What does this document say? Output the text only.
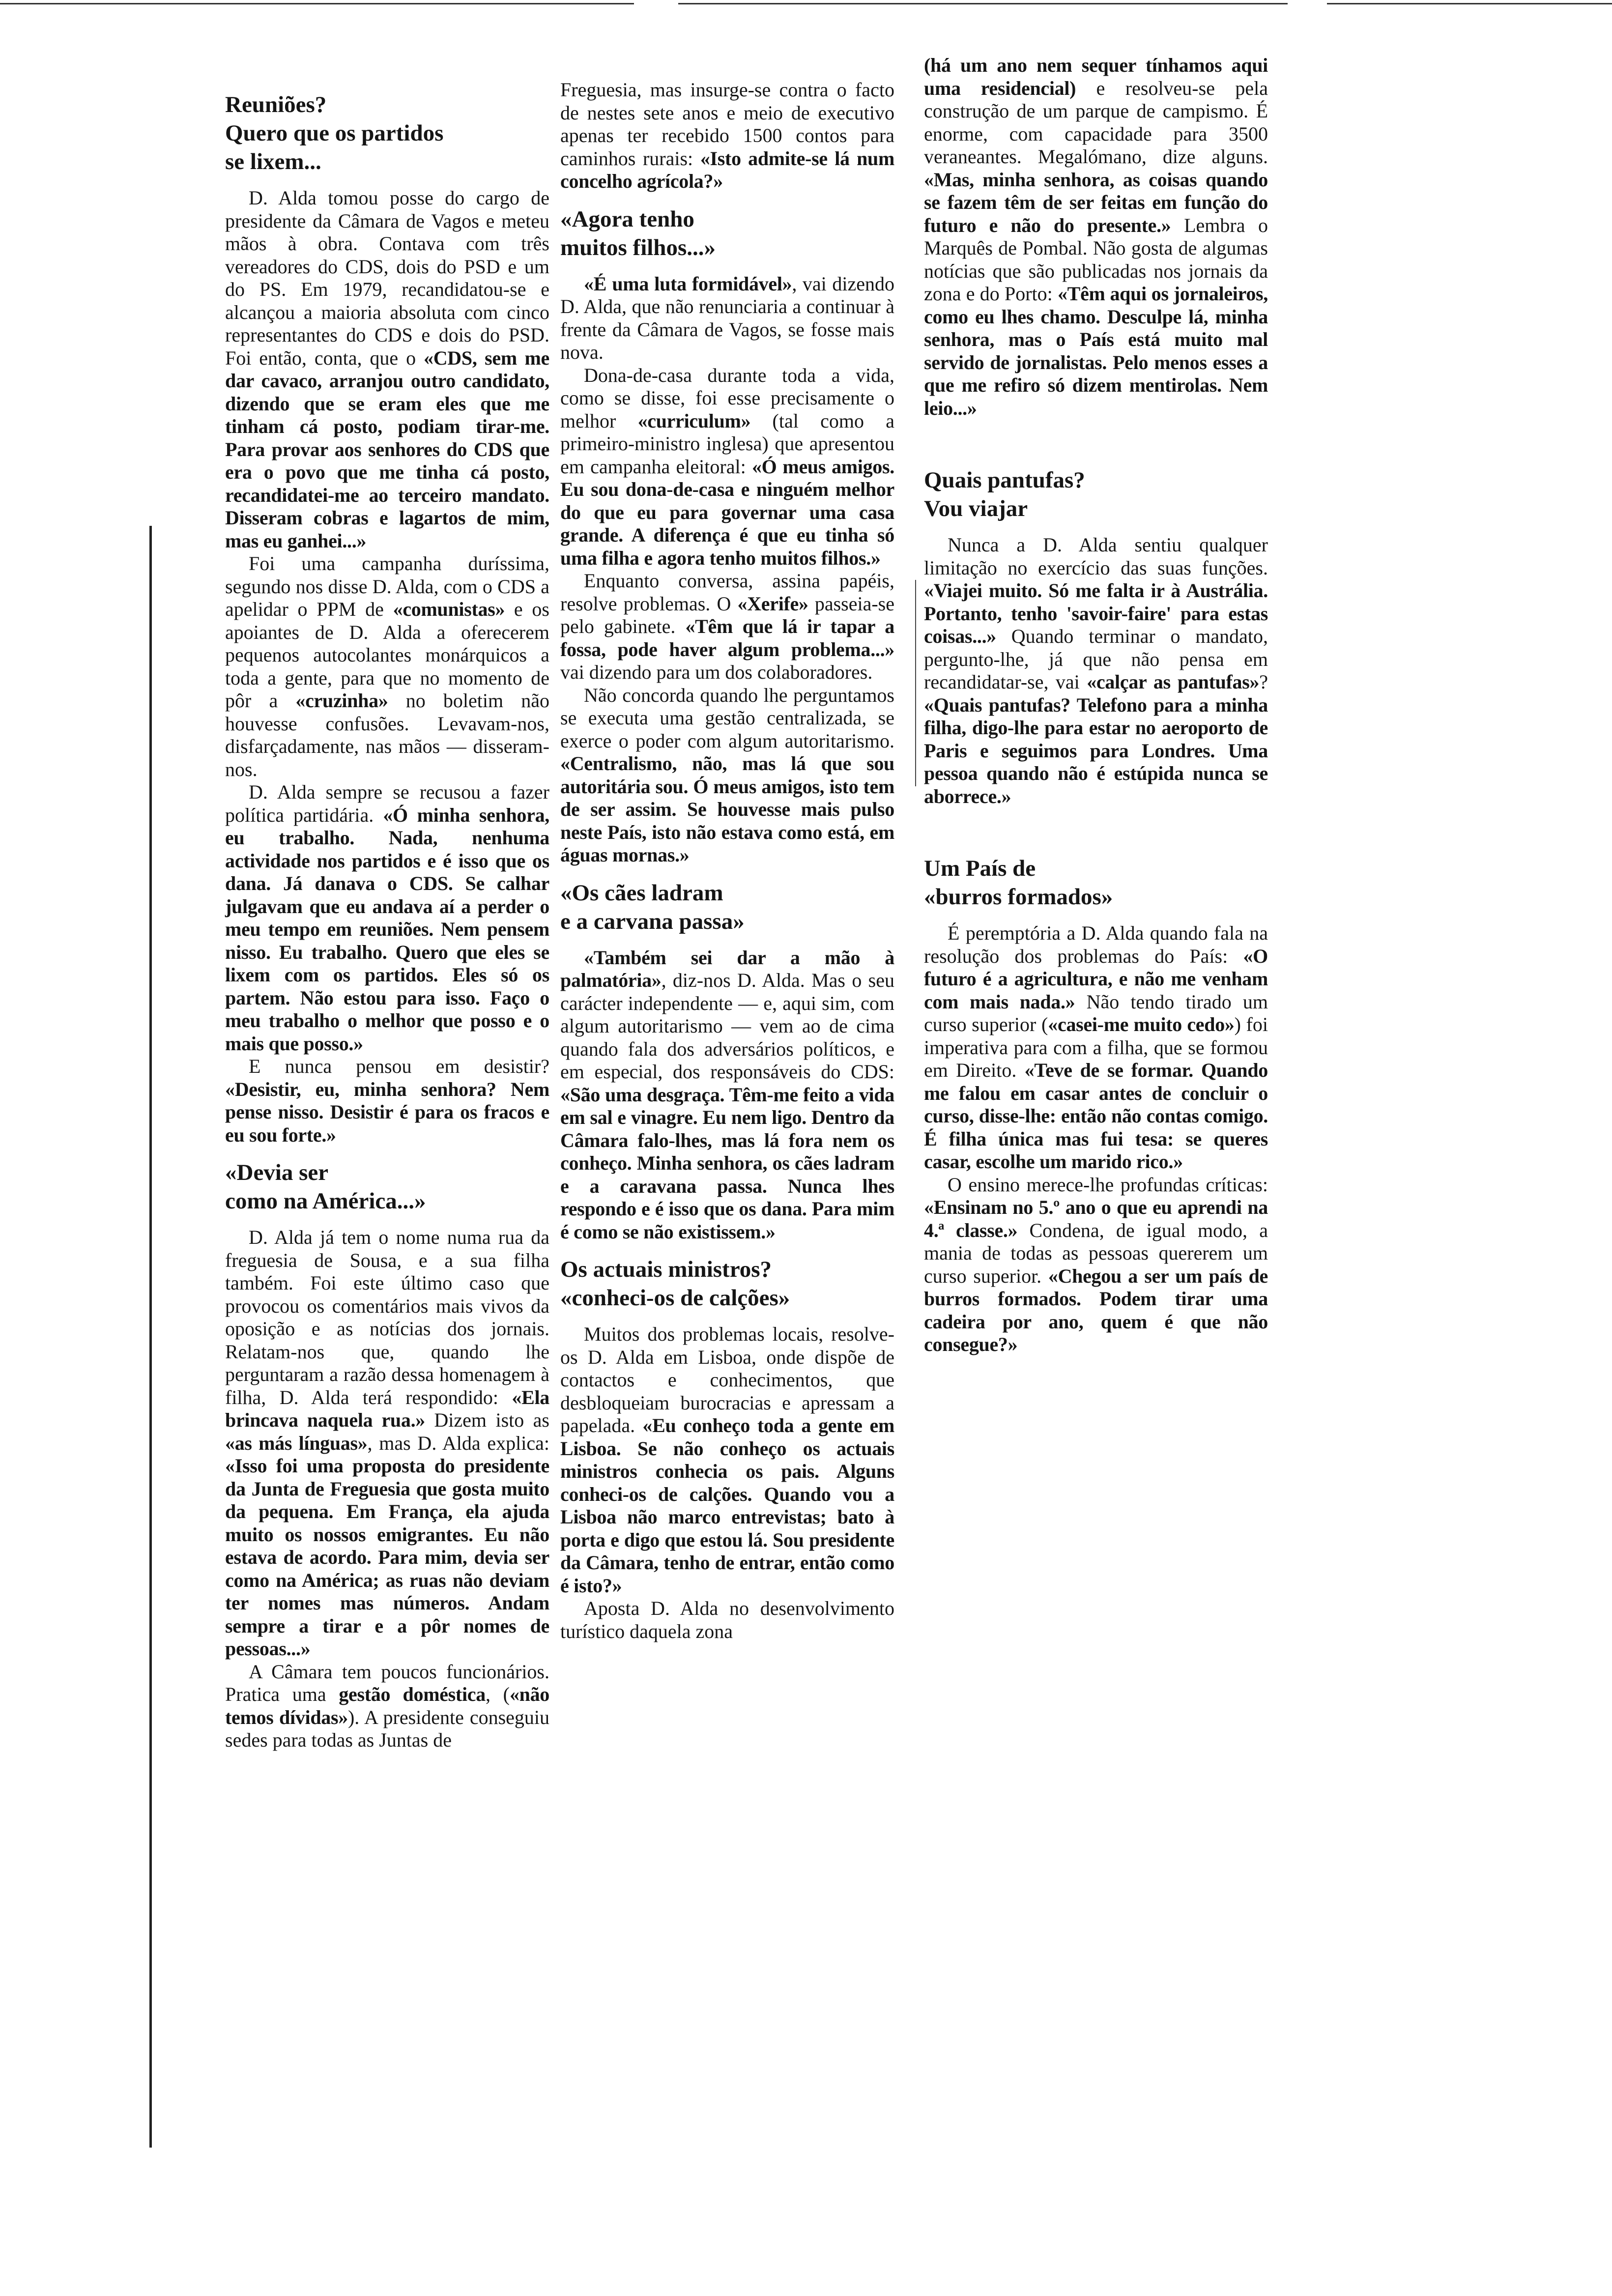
Reuniões?
Quero que os partidos
se lixem...

D. Alda tomou posse do cargo de presidente da Câmara de Vagos e meteu mãos à obra. Contava com três vereadores do CDS, dois do PSD e um do PS. Em 1979, recandidatou-se e alcançou a maioria absoluta com cinco representantes do CDS e dois do PSD. Foi então, conta, que o «CDS, sem me dar cavaco, arranjou outro candidato, dizendo que se eram eles que me tinham cá posto, podiam tirar-me. Para provar aos senhores do CDS que era o povo que me tinha cá posto, recandidatei-me ao terceiro mandato. Disseram cobras e lagartos de mim, mas eu ganhei...»

Foi uma campanha duríssima, segundo nos disse D. Alda, com o CDS a apelidar o PPM de «comunistas» e os apoiantes de D. Alda a oferecerem pequenos autocolantes monárquicos a toda a gente, para que no momento de pôr a «cruzinha» no boletim não houvesse confusões. Levavam-nos, disfarçadamente, nas mãos — disseram-nos.

D. Alda sempre se recusou a fazer política partidária. «Ó minha senhora, eu trabalho. Nada, nenhuma actividade nos partidos e é isso que os dana. Já danava o CDS. Se calhar julgavam que eu andava aí a perder o meu tempo em reuniões. Nem pensem nisso. Eu trabalho. Quero que eles se lixem com os partidos. Eles só os partem. Não estou para isso. Faço o meu trabalho o melhor que posso e o mais que posso.»

E nunca pensou em desistir? «Desistir, eu, minha senhora? Nem pense nisso. Desistir é para os fracos e eu sou forte.»

«Devia ser
como na América...»

D. Alda já tem o nome numa rua da freguesia de Sousa, e a sua filha também. Foi este último caso que provocou os comentários mais vivos da oposição e as notícias dos jornais. Relatam-nos que, quando lhe perguntaram a razão dessa homenagem à filha, D. Alda terá respondido: «Ela brincava naquela rua.» Dizem isto as «as más línguas», mas D. Alda explica: «Isso foi uma proposta do presidente da Junta de Freguesia que gosta muito da pequena. Em França, ela ajuda muito os nossos emigrantes. Eu não estava de acordo. Para mim, devia ser como na América; as ruas não deviam ter nomes mas números. Andam sempre a tirar e a pôr nomes de pessoas...»

A Câmara tem poucos funcionários. Pratica uma gestão doméstica, («não temos dívidas»). A presidente conseguiu sedes para todas as Juntas de

Freguesia, mas insurge-se contra o facto de nestes sete anos e meio de executivo apenas ter recebido 1500 contos para caminhos rurais: «Isto admite-se lá num concelho agrícola?»

«Agora tenho
muitos filhos...»

«É uma luta formidável», vai dizendo D. Alda, que não renunciaria a continuar à frente da Câmara de Vagos, se fosse mais nova.

Dona-de-casa durante toda a vida, como se disse, foi esse precisamente o melhor «curriculum» (tal como a primeiro-ministro inglesa) que apresentou em campanha eleitoral: «Ó meus amigos. Eu sou dona-de-casa e ninguém melhor do que eu para governar uma casa grande. A diferença é que eu tinha só uma filha e agora tenho muitos filhos.»

Enquanto conversa, assina papéis, resolve problemas. O «Xerife» passeia-se pelo gabinete. «Têm que lá ir tapar a fossa, pode haver algum problema...» vai dizendo para um dos colaboradores.

Não concorda quando lhe perguntamos se executa uma gestão centralizada, se exerce o poder com algum autoritarismo. «Centralismo, não, mas lá que sou autoritária sou. Ó meus amigos, isto tem de ser assim. Se houvesse mais pulso neste País, isto não estava como está, em águas mornas.»

«Os cães ladram
e a carvana passa»

«Também sei dar a mão à palmatória», diz-nos D. Alda. Mas o seu carácter independente — e, aqui sim, com algum autoritarismo — vem ao de cima quando fala dos adversários políticos, e em especial, dos responsáveis do CDS: «São uma desgraça. Têm-me feito a vida em sal e vinagre. Eu nem ligo. Dentro da Câmara falo-lhes, mas lá fora nem os conheço. Minha senhora, os cães ladram e a caravana passa. Nunca lhes respondo e é isso que os dana. Para mim é como se não existissem.»

Os actuais ministros?
«conheci-os de calções»

Muitos dos problemas locais, resolve-os D. Alda em Lisboa, onde dispõe de contactos e conhecimentos, que desbloqueiam burocracias e apressam a papelada. «Eu conheço toda a gente em Lisboa. Se não conheço os actuais ministros conhecia os pais. Alguns conheci-os de calções. Quando vou a Lisboa não marco entrevistas; bato à porta e digo que estou lá. Sou presidente da Câmara, tenho de entrar, então como é isto?»

Aposta D. Alda no desenvolvimento turístico daquela zona

(há um ano nem sequer tínhamos aqui uma residencial) e resolveu-se pela construção de um parque de campismo. É enorme, com capacidade para 3500 veraneantes. Megalómano, dize alguns. «Mas, minha senhora, as coisas quando se fazem têm de ser feitas em função do futuro e não do presente.» Lembra o Marquês de Pombal. Não gosta de algumas notícias que são publicadas nos jornais da zona e do Porto: «Têm aqui os jornaleiros, como eu lhes chamo. Desculpe lá, minha senhora, mas o País está muito mal servido de jornalistas. Pelo menos esses a que me refiro só dizem mentirolas. Nem leio...»

Quais pantufas?
Vou viajar

Nunca a D. Alda sentiu qualquer limitação no exercício das suas funções. «Viajei muito. Só me falta ir à Austrália. Portanto, tenho 'savoir-faire' para estas coisas...» Quando terminar o mandato, pergunto-lhe, já que não pensa em recandidatar-se, vai «calçar as pantufas»? «Quais pantufas? Telefono para a minha filha, digo-lhe para estar no aeroporto de Paris e seguimos para Londres. Uma pessoa quando não é estúpida nunca se aborrece.»

Um País de
«burros formados»

É peremptória a D. Alda quando fala na resolução dos problemas do País: «O futuro é a agricultura, e não me venham com mais nada.» Não tendo tirado um curso superior («casei-me muito cedo») foi imperativa para com a filha, que se formou em Direito. «Teve de se formar. Quando me falou em casar antes de concluir o curso, disse-lhe: então não contas comigo. É filha única mas fui tesa: se queres casar, escolhe um marido rico.»

O ensino merece-lhe profundas críticas: «Ensinam no 5.º ano o que eu aprendi na 4.ª classe.» Condena, de igual modo, a mania de todas as pessoas quererem um curso superior. «Chegou a ser um país de burros formados. Podem tirar uma cadeira por ano, quem é que não consegue?»
